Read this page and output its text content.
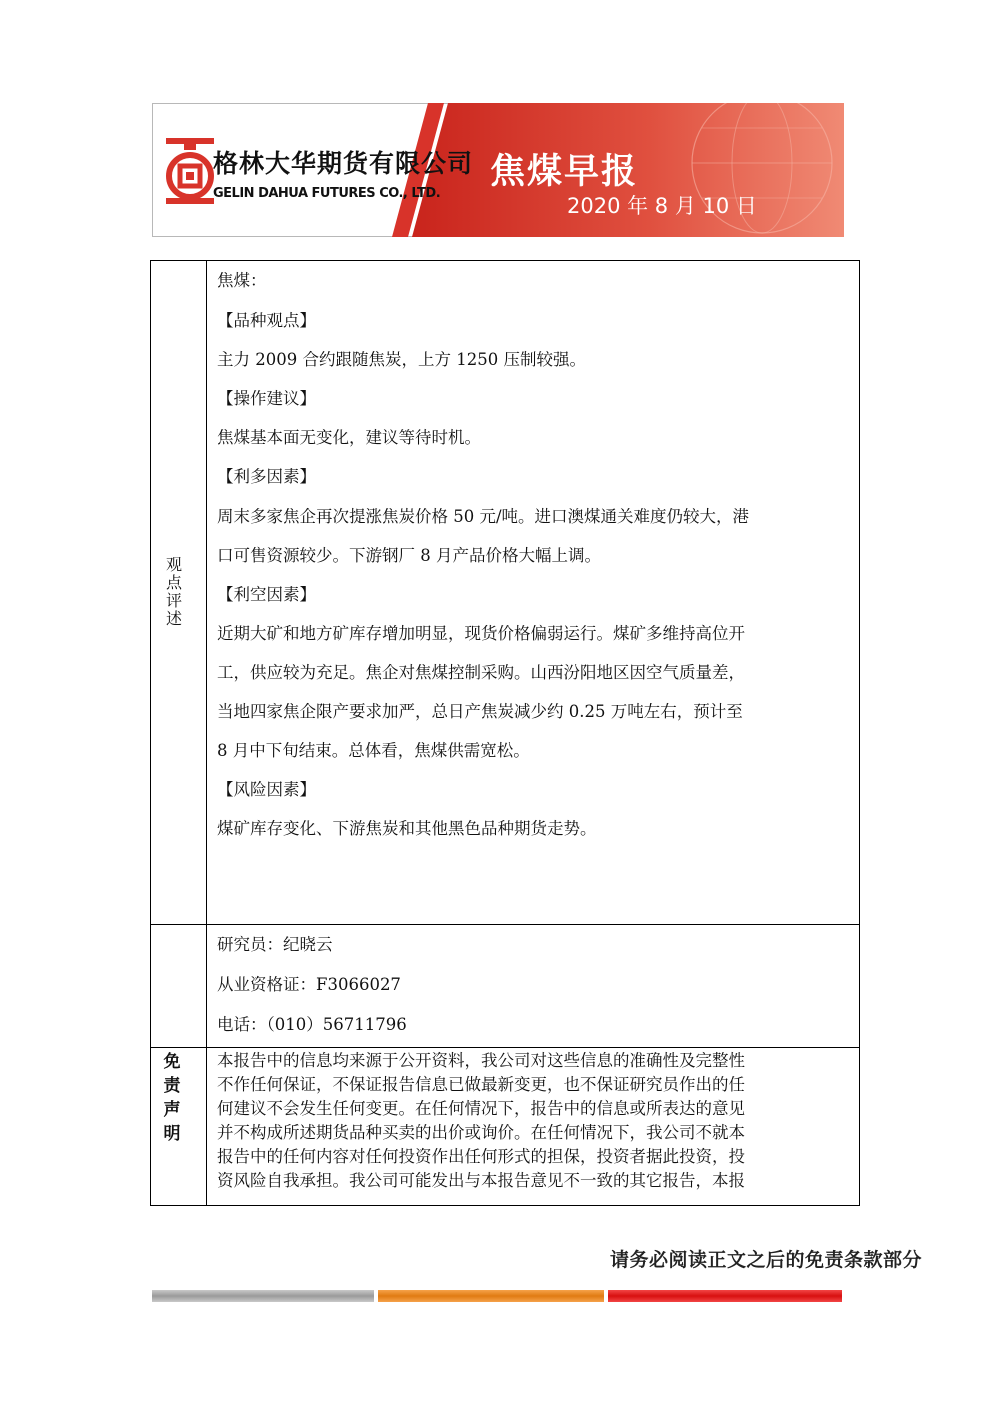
格林大华期货有限公司
GELIN DAHUA FUTURES CO., LTD.
焦煤早报
2020 年 8 月 10 日
观
点
评
述
焦煤：
【品种观点】
主力 2009 合约跟随焦炭，上方 1250 压制较强。
【操作建议】
焦煤基本面无变化，建议等待时机。
【利多因素】
周末多家焦企再次提涨焦炭价格 50 元/吨。进口澳煤通关难度仍较大，港
口可售资源较少。下游钢厂 8 月产品价格大幅上调。
【利空因素】
近期大矿和地方矿库存增加明显，现货价格偏弱运行。煤矿多维持高位开
工，供应较为充足。焦企对焦煤控制采购。山西汾阳地区因空气质量差，
当地四家焦企限产要求加严，总日产焦炭减少约 0.25 万吨左右，预计至
8 月中下旬结束。总体看，焦煤供需宽松。
【风险因素】
煤矿库存变化、下游焦炭和其他黑色品种期货走势。
研究员：纪晓云
从业资格证：F3066027
电话：（010）56711796
免
责
声
明
本报告中的信息均来源于公开资料，我公司对这些信息的准确性及完整性
不作任何保证，不保证报告信息已做最新变更，也不保证研究员作出的任
何建议不会发生任何变更。在任何情况下，报告中的信息或所表达的意见
并不构成所述期货品种买卖的出价或询价。在任何情况下，我公司不就本
报告中的任何内容对任何投资作出任何形式的担保，投资者据此投资，投
资风险自我承担。我公司可能发出与本报告意见不一致的其它报告，本报
请务必阅读正文之后的免责条款部分
